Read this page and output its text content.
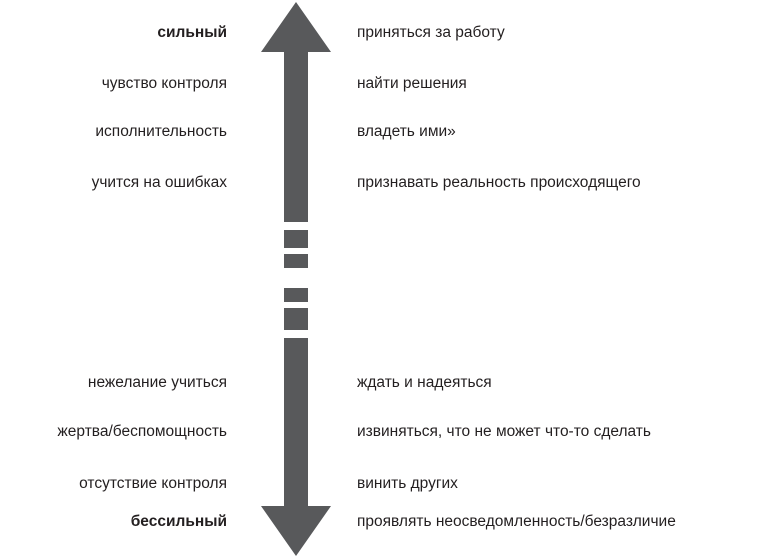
сильный
чувство контроля
исполнительность
учится на ошибках
нежелание учиться
жертва/беспомощность
отсутствие контроля
бессильный
приняться за работу
найти решения
владеть ими»
признавать реальность происходящего
ждать и надеяться
извиняться, что не может что-то сделать
винить других
проявлять неосведомленность/безразличие
